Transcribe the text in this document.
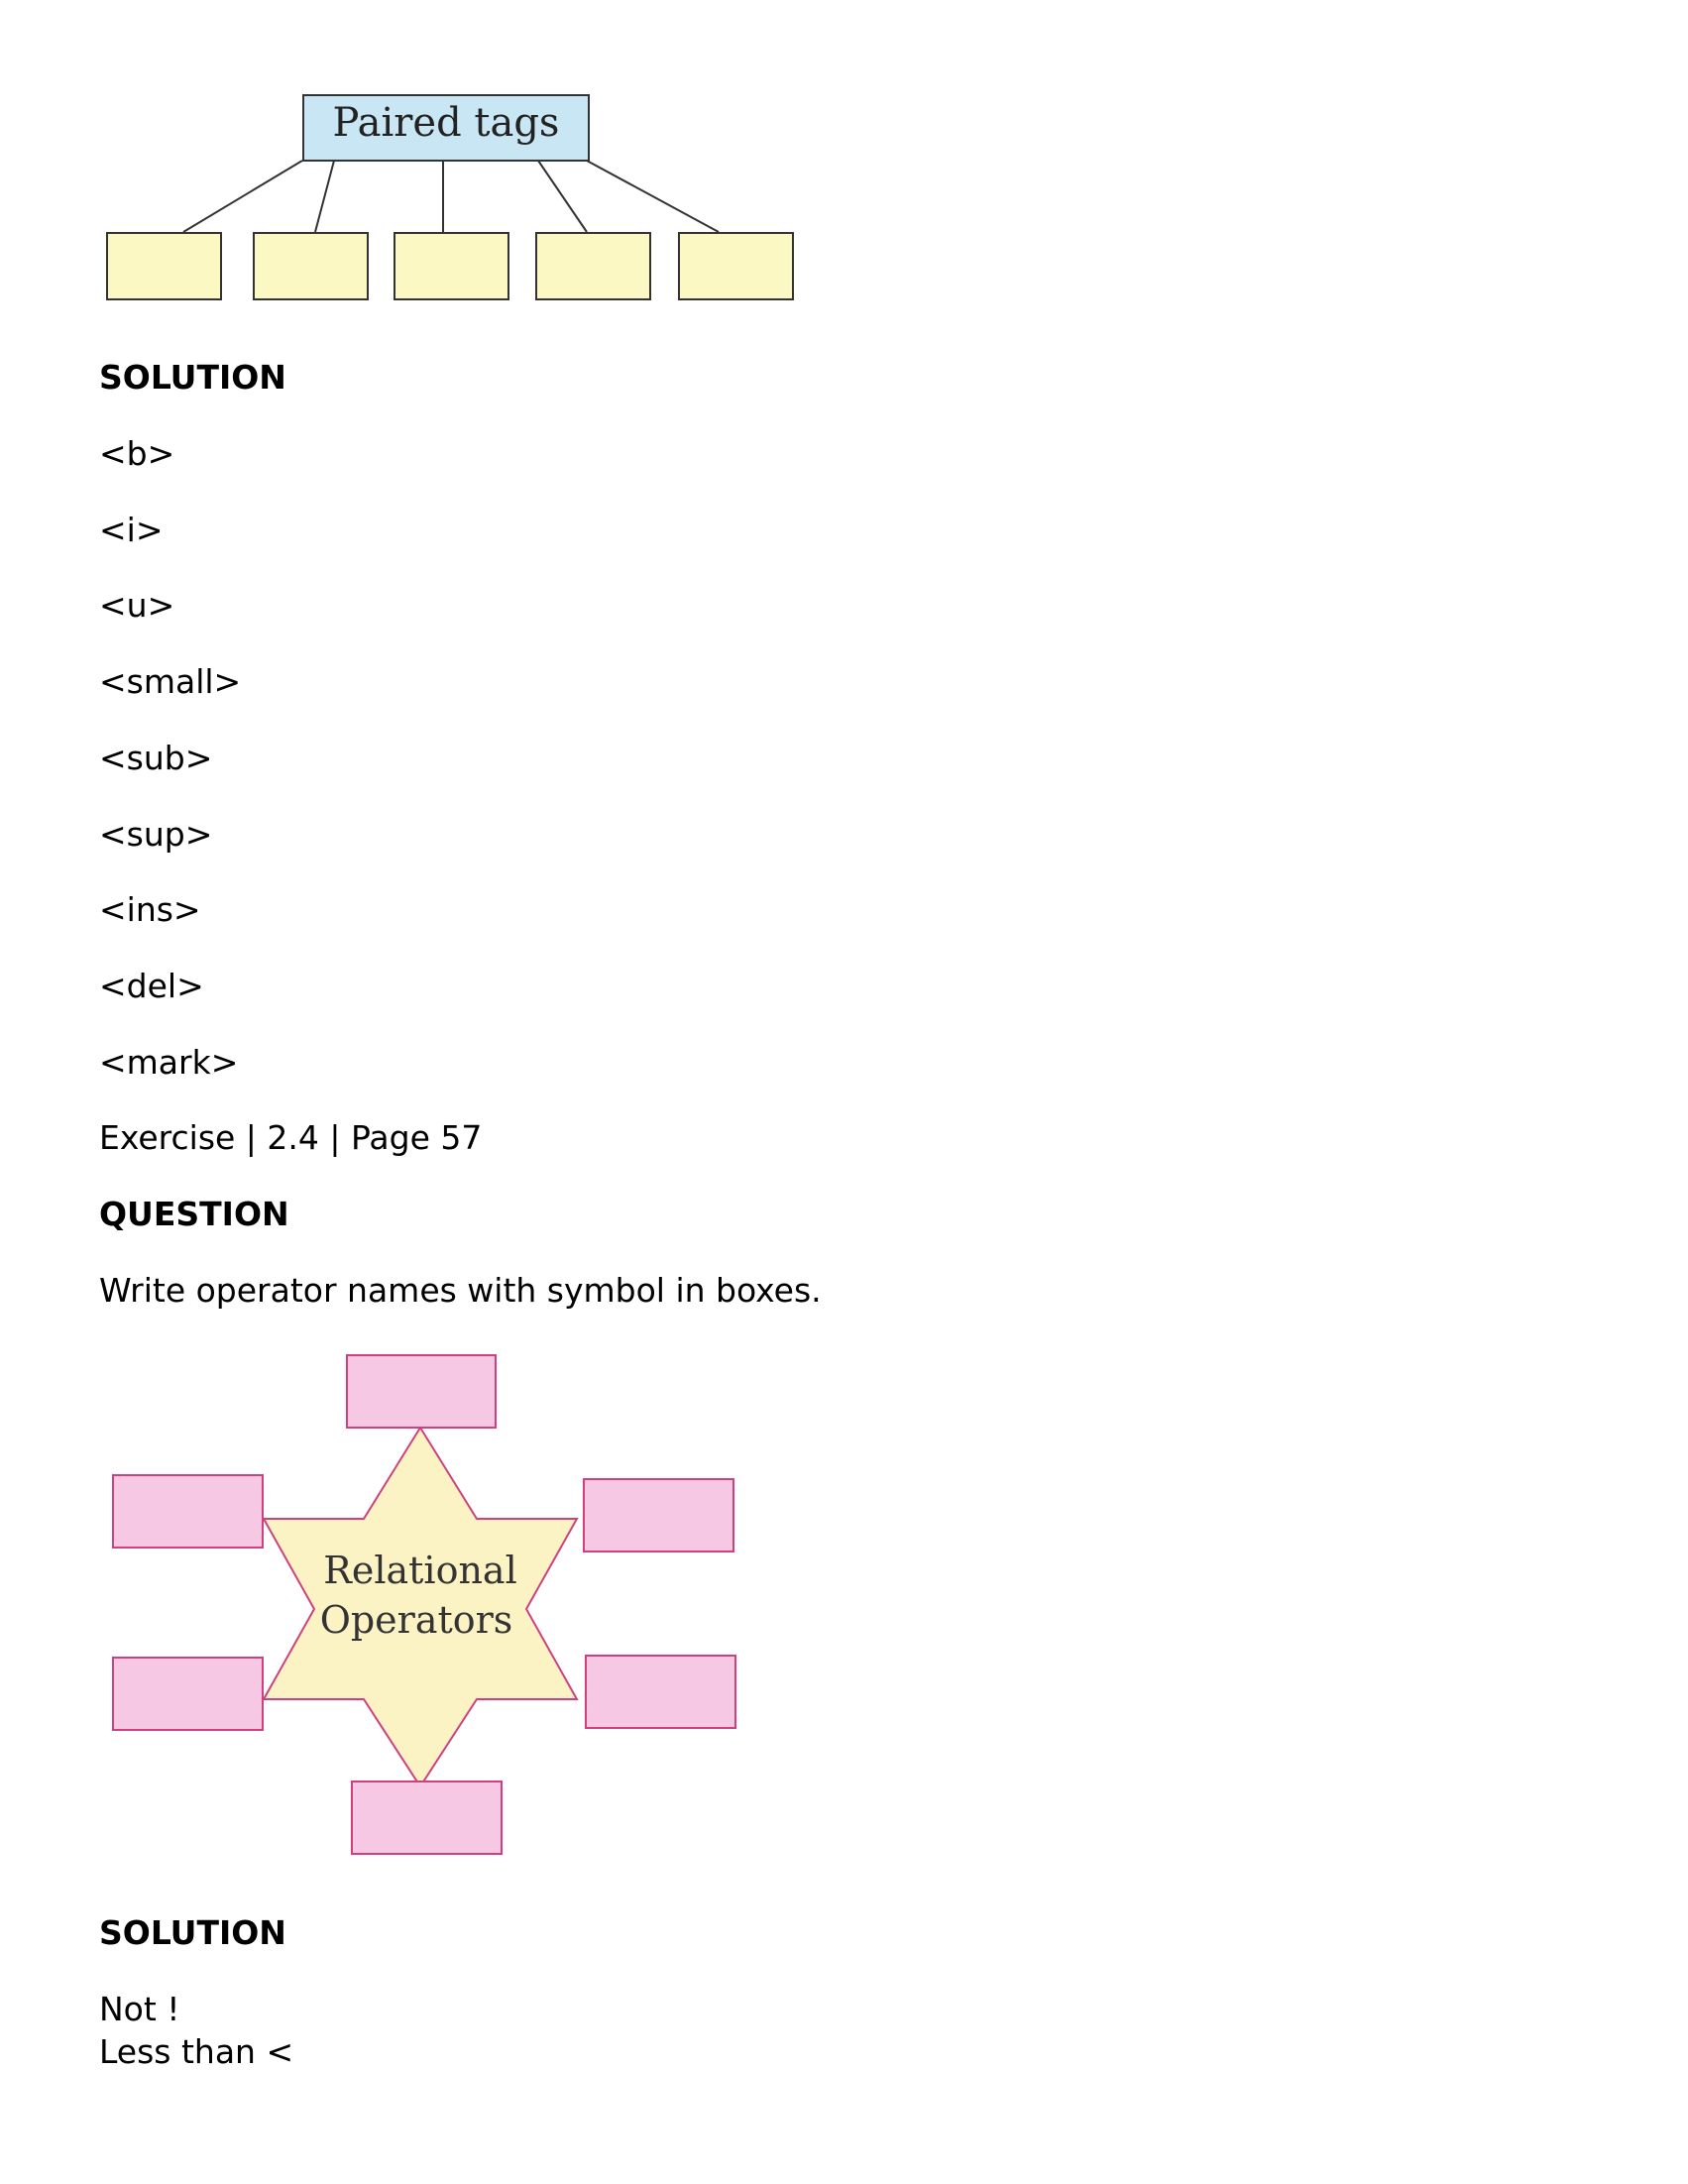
Paired tags
SOLUTION
<b>
<i>
<u>
<small>
<sub>
<sup>
<ins>
<del>
<mark>
Exercise | 2.4 | Page 57
QUESTION
Write operator names with symbol in boxes.
Relational
Operators
SOLUTION
Not !
Less than <
